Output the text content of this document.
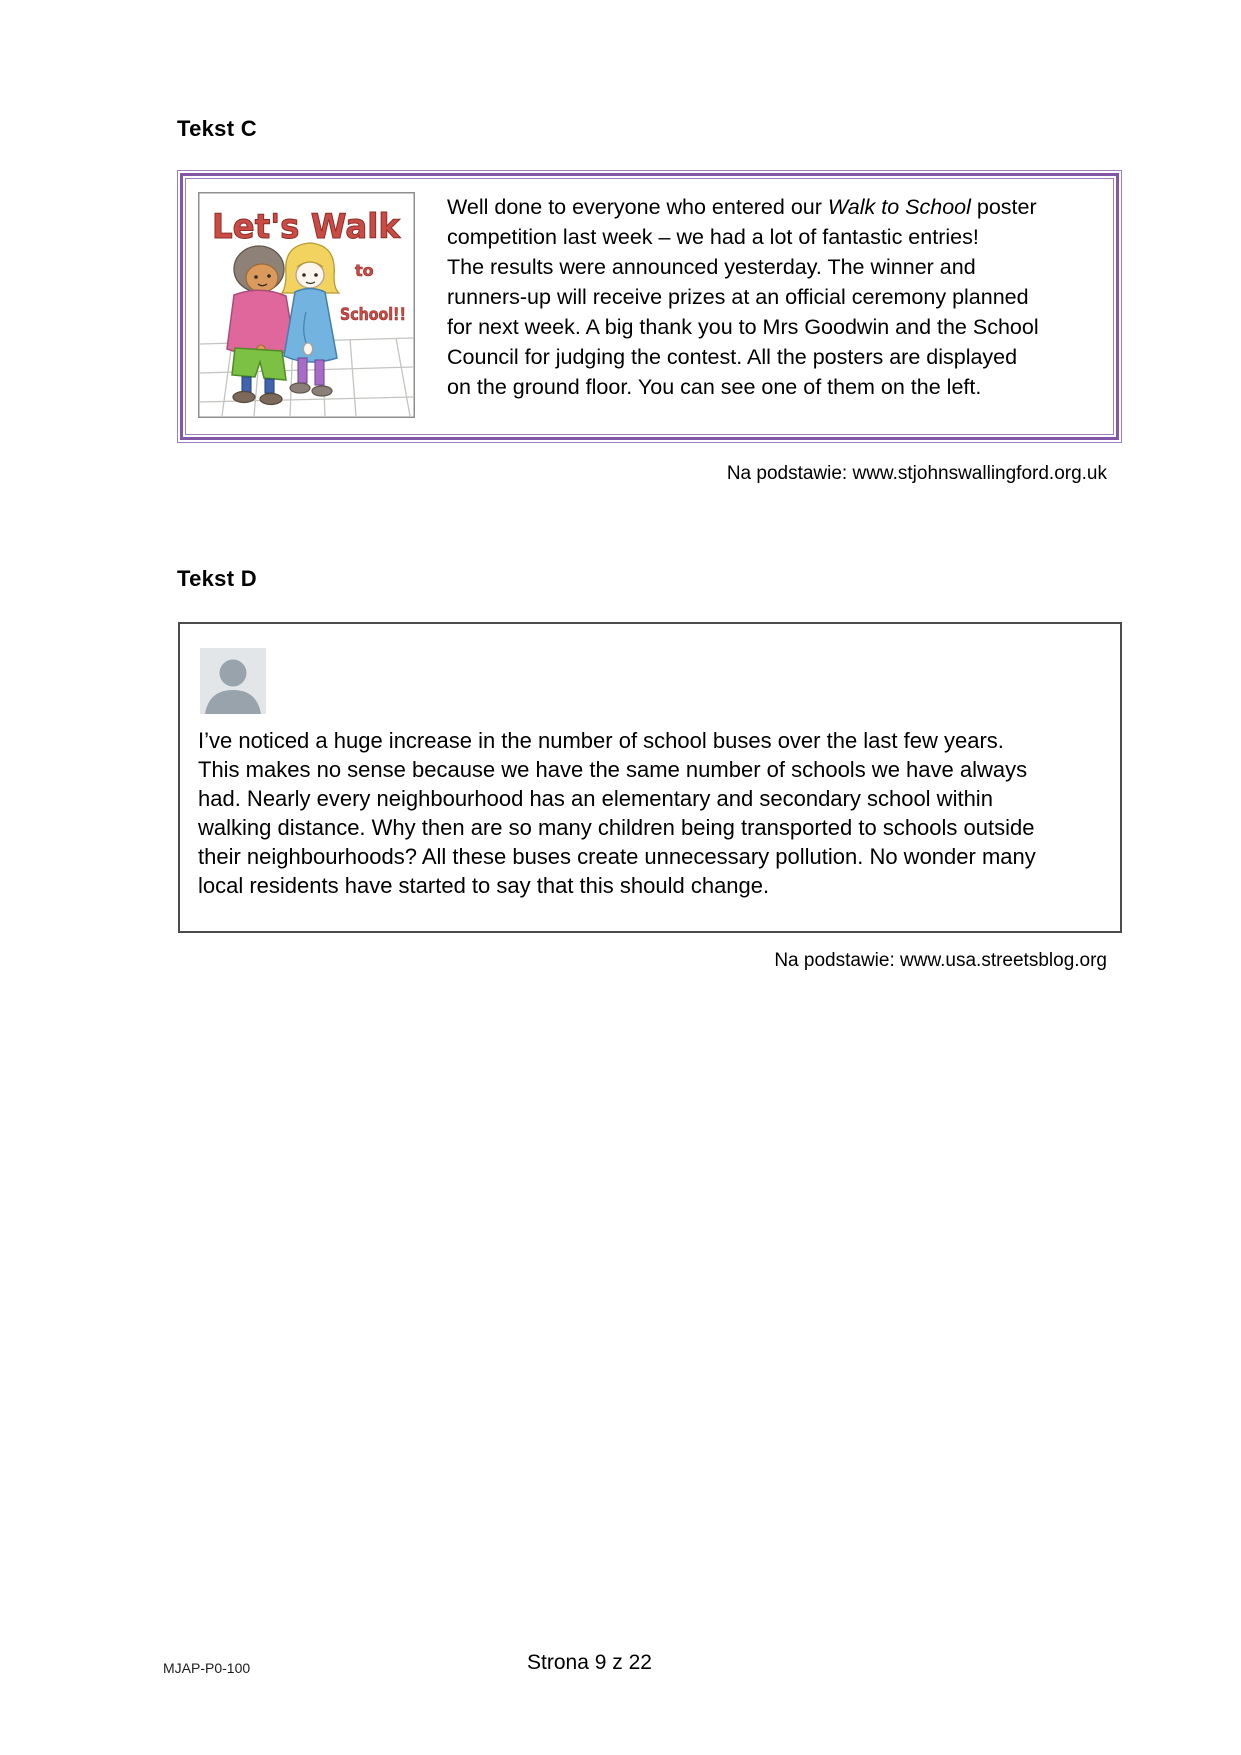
Tekst C
Let's Walk
to
School!!
Well done to everyone who entered our Walk to School poster
competition last week – we had a lot of fantastic entries!
The results were announced yesterday. The winner and
runners-up will receive prizes at an official ceremony planned
for next week. A big thank you to Mrs Goodwin and the School
Council for judging the contest. All the posters are displayed
on the ground floor. You can see one of them on the left.
Na podstawie: www.stjohnswallingford.org.uk
Tekst D
I’ve noticed a huge increase in the number of school buses over the last few years.
This makes no sense because we have the same number of schools we have always
had. Nearly every neighbourhood has an elementary and secondary school within
walking distance. Why then are so many children being transported to schools outside
their neighbourhoods? All these buses create unnecessary pollution. No wonder many
local residents have started to say that this should change.
Na podstawie: www.usa.streetsblog.org
MJAP-P0-100	Strona 9 z 22
